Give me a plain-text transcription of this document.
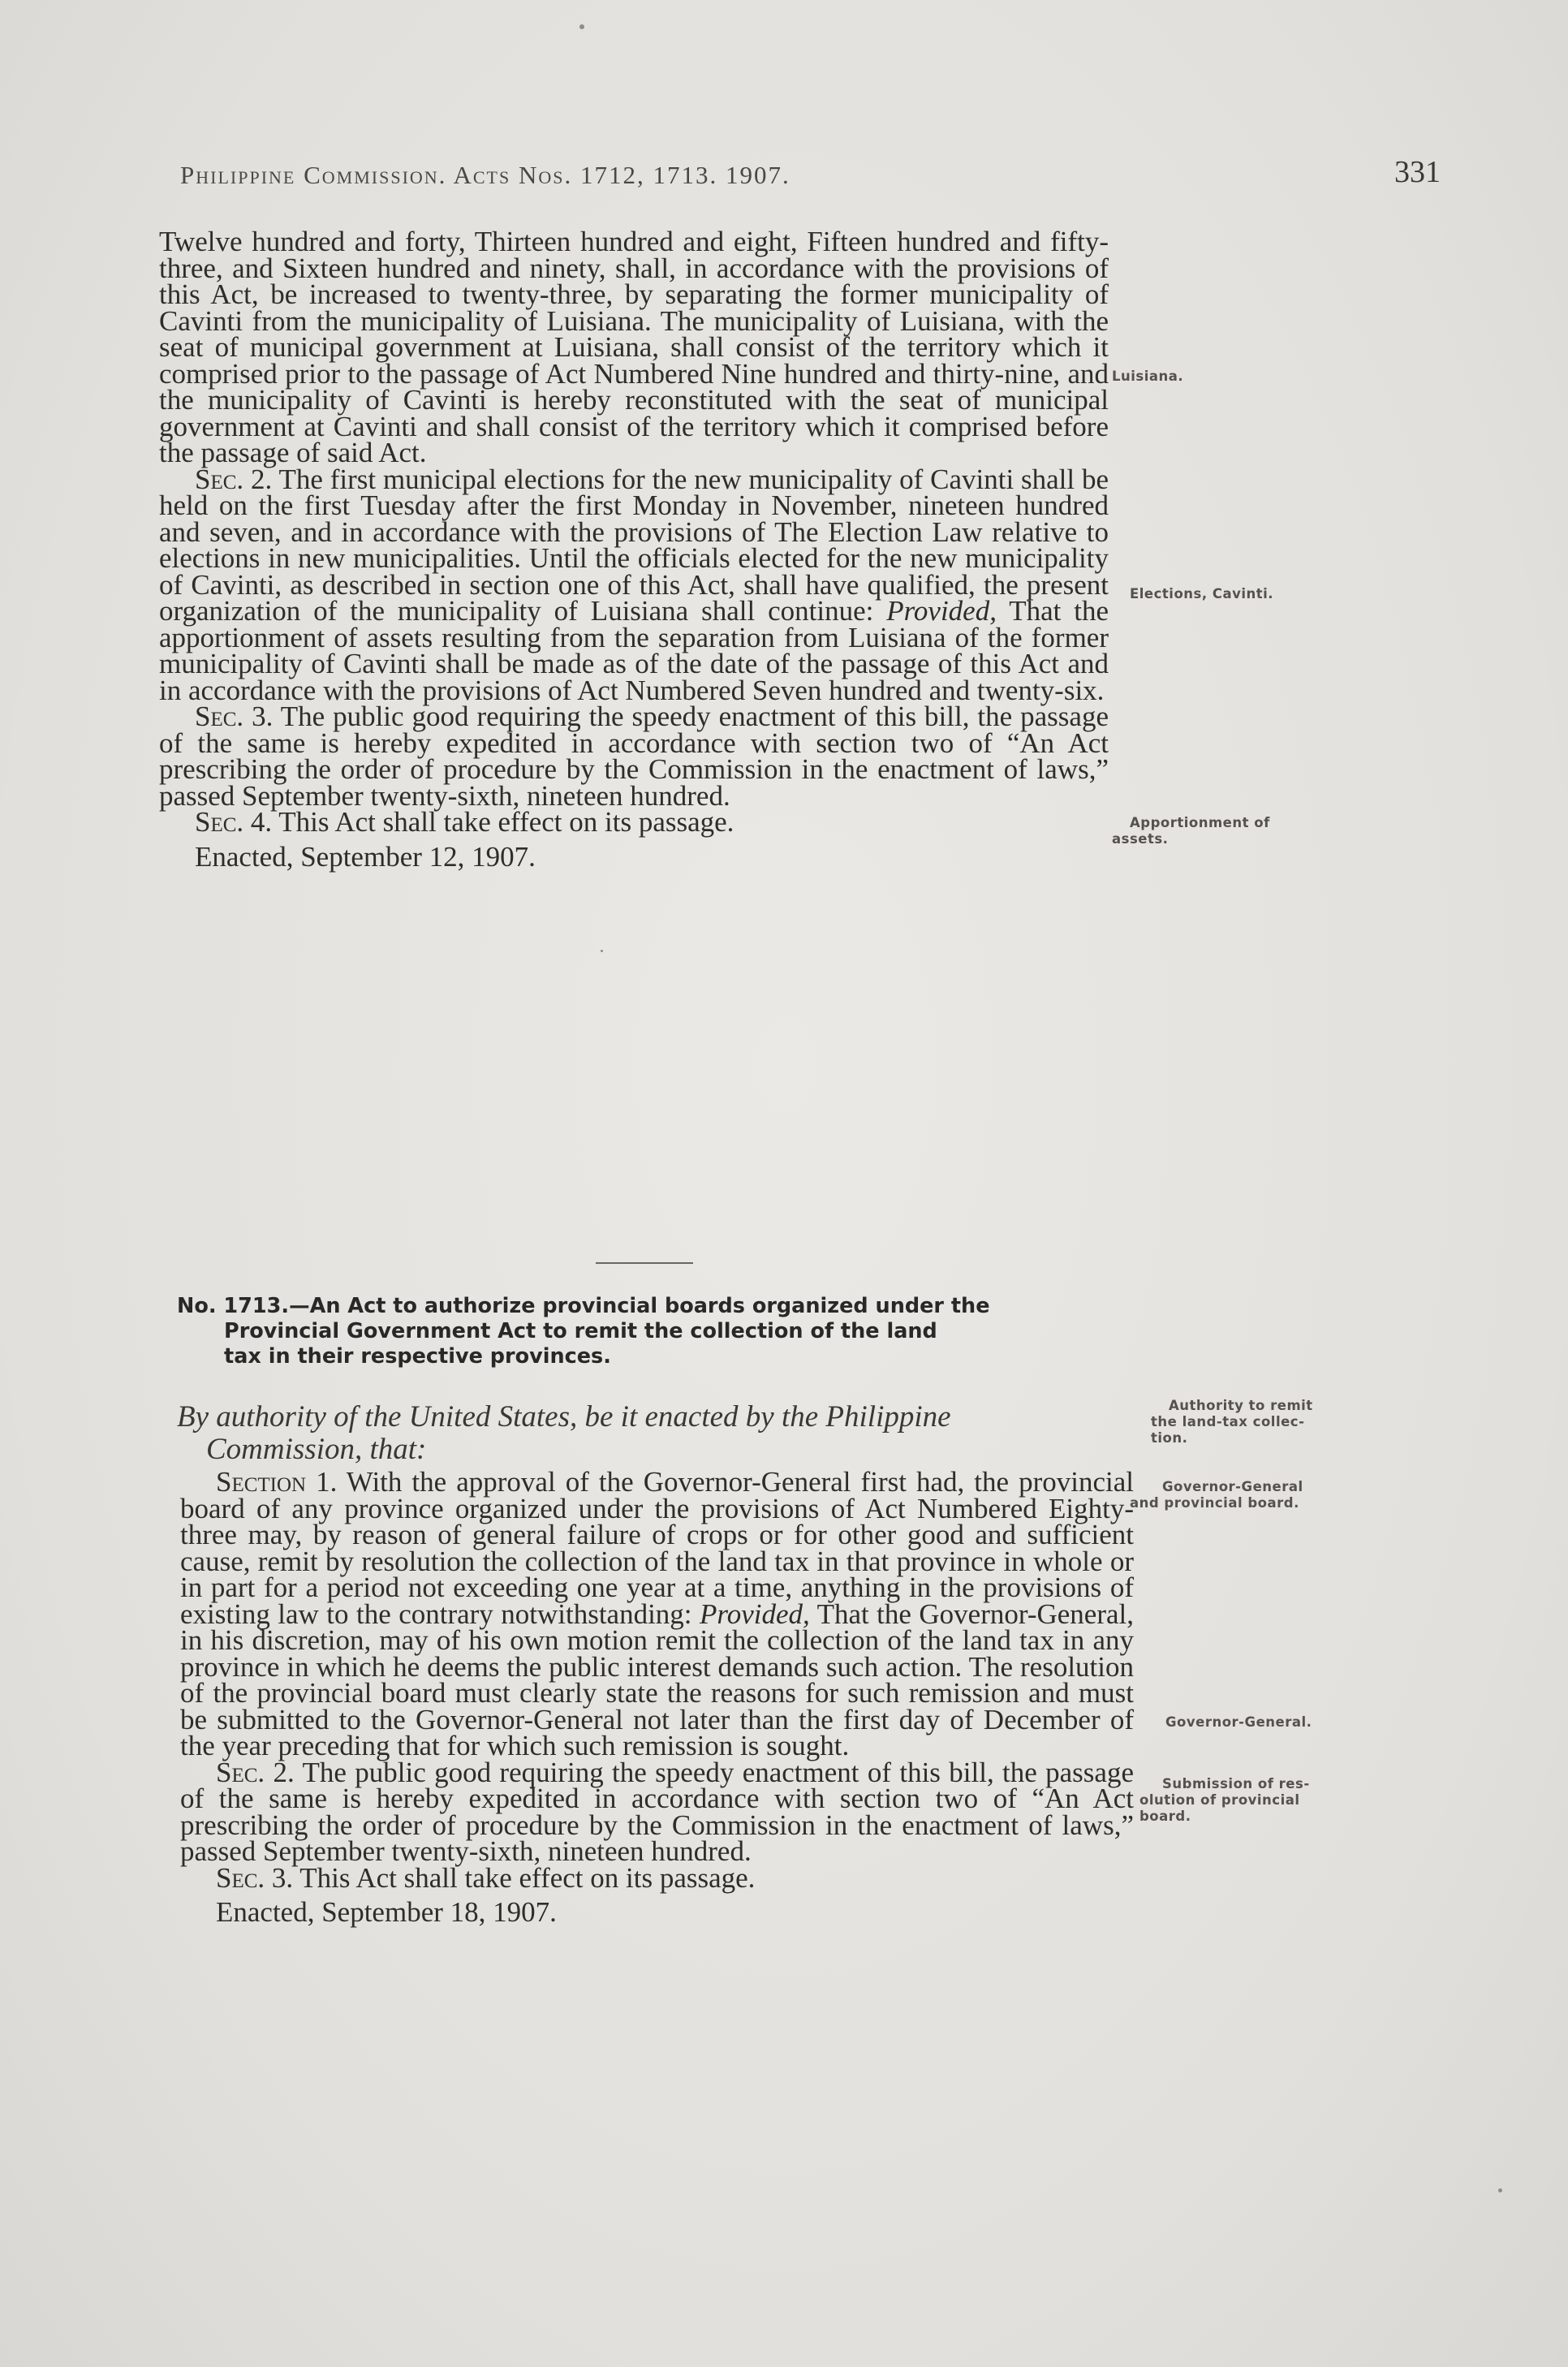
Philippine Commission. Acts Nos. 1712, 1713. 1907.	331

Twelve hundred and forty, Thirteen hundred and eight, Fifteen hundred and fifty-three, and Sixteen hundred and ninety, shall, in accordance with the provisions of this Act, be increased to twenty-three, by separating the former municipality of Cavinti from the municipality of Luisiana. The municipality of Luisiana, with the seat of municipal government at Luisiana, shall consist of the territory which it comprised prior to the passage of Act Numbered Nine hundred and thirty-nine, and the municipality of Cavinti is hereby reconstituted with the seat of municipal government at Cavinti and shall consist of the territory which it comprised before the passage of said Act.

Sec. 2. The first municipal elections for the new municipality of Cavinti shall be held on the first Tuesday after the first Monday in November, nineteen hundred and seven, and in accordance with the provisions of The Election Law relative to elections in new municipalities. Until the officials elected for the new municipality of Cavinti, as described in section one of this Act, shall have qualified, the present organization of the municipality of Luisiana shall continue: Provided, That the apportionment of assets resulting from the separation from Luisiana of the former municipality of Cavinti shall be made as of the date of the passage of this Act and in accordance with the provisions of Act Numbered Seven hundred and twenty-six.

Sec. 3. The public good requiring the speedy enactment of this bill, the passage of the same is hereby expedited in accordance with section two of “An Act prescribing the order of procedure by the Commission in the enactment of laws,” passed September twenty-sixth, nineteen hundred.

Sec. 4. This Act shall take effect on its passage.

Enacted, September 12, 1907.

No. 1713.—An Act to authorize provincial boards organized under the
Provincial Government Act to remit the collection of the land
tax in their respective provinces.
By authority of the United States, be it enacted by the Philippine
Commission, that:

Section 1. With the approval of the Governor-General first had, the provincial board of any province organized under the provisions of Act Numbered Eighty-three may, by reason of general failure of crops or for other good and sufficient cause, remit by resolution the collection of the land tax in that province in whole or in part for a period not exceeding one year at a time, anything in the provisions of existing law to the contrary notwithstanding: Provided, That the Governor-General, in his discretion, may of his own motion remit the collection of the land tax in any province in which he deems the public interest demands such action. The resolution of the provincial board must clearly state the reasons for such remission and must be submitted to the Governor-General not later than the first day of December of the year preceding that for which such remission is sought.

Sec. 2. The public good requiring the speedy enactment of this bill, the passage of the same is hereby expedited in accordance with section two of “An Act prescribing the order of procedure by the Commission in the enactment of laws,” passed September twenty-sixth, nineteen hundred.

Sec. 3. This Act shall take effect on its passage.

Enacted, September 18, 1907.

Luisiana.
Elections, Cavinti.
Apportionment of
assets.
Authority to remit
the land-tax collec-
tion.
Governor-General
and provincial board.
Governor-General.
Submission of res-
olution of provincial
board.
